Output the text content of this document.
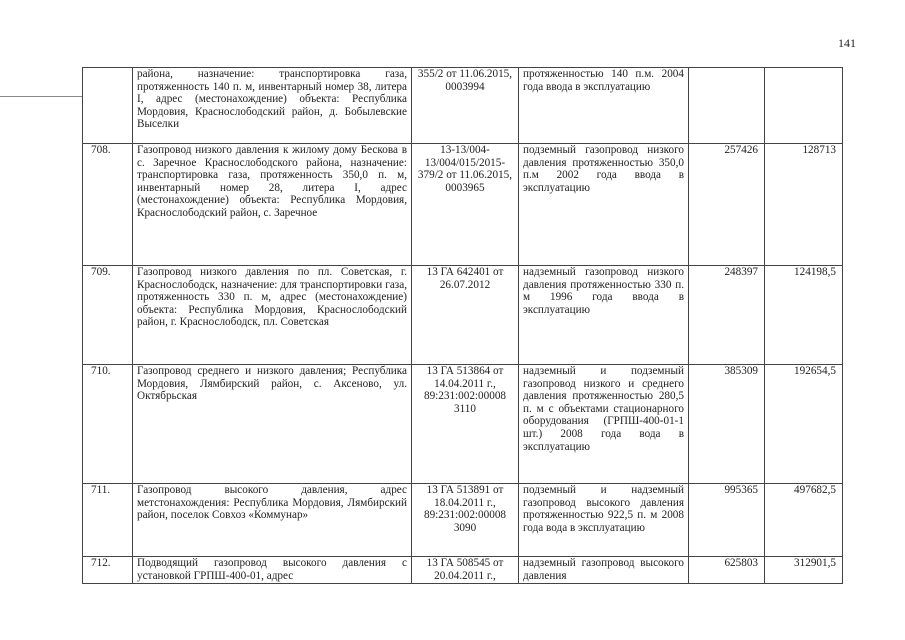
141
	района, назначение: транспортировка газа, протяженность 140 п. м, инвентарный номер 38, литера I, адрес (местонахождение) объекта: Республика Мордовия, Краснослободский район, д. Бобылевские Выселки	355/2 от 11.06.2015, 0003994	протяженностью 140 п.м. 2004 года ввода в эксплуатацию		
708.	Газопровод низкого давления к жилому дому Бескова в с. Заречное Краснослободского района, назначение: транспортировка газа, протяженность 350,0 п. м, инвентарный номер 28, литера I, адрес (местонахождение) объекта: Республика Мордовия, Краснослободский район, с. Заречное	13-13/004-13/004/015/2015-379/2 от 11.06.2015, 0003965	подземный газопровод низкого давления протяженностью 350,0 п.м 2002 года ввода в эксплуатацию	257426	128713
709.	Газопровод низкого давления по пл. Советская, г. Краснослободск, назначение: для транспортировки газа, протяженность 330 п. м, адрес (местонахождение) объекта: Республика Мордовия, Краснослободский район, г. Краснослободск, пл. Советская	13 ГА 642401 от 26.07.2012	надземный газопровод низкого давления протяженностью 330 п. м 1996 года ввода в эксплуатацию	248397	124198,5
710.	Газопровод среднего и низкого давления; Республика Мордовия, Лямбирский район, с. Аксеново, ул. Октябрьская	13 ГА 513864 от 14.04.2011 г., 89:231:002:00008 3110	надземный и подземный газопровод низкого и среднего давления протяженностью 280,5 п. м с объектами стационарного оборудования (ГРПШ-400-01-1 шт.) 2008 года вода в эксплуатацию	385309	192654,5
711.	Газопровод высокого давления, адрес метстонахождения: Республика Мордовия, Лямбирский район, поселок Совхоз «Коммунар»	13 ГА 513891 от 18.04.2011 г., 89:231:002:00008 3090	подземный и надземный газопровод высокого давления протяженностью 922,5 п. м 2008 года вода в эксплуатацию	995365	497682,5
712.	Подводящий газопровод высокого давления с установкой ГРПШ-400-01, адрес	13 ГА 508545 от 20.04.2011 г.,	надземный газопровод высокого давления	625803	312901,5
